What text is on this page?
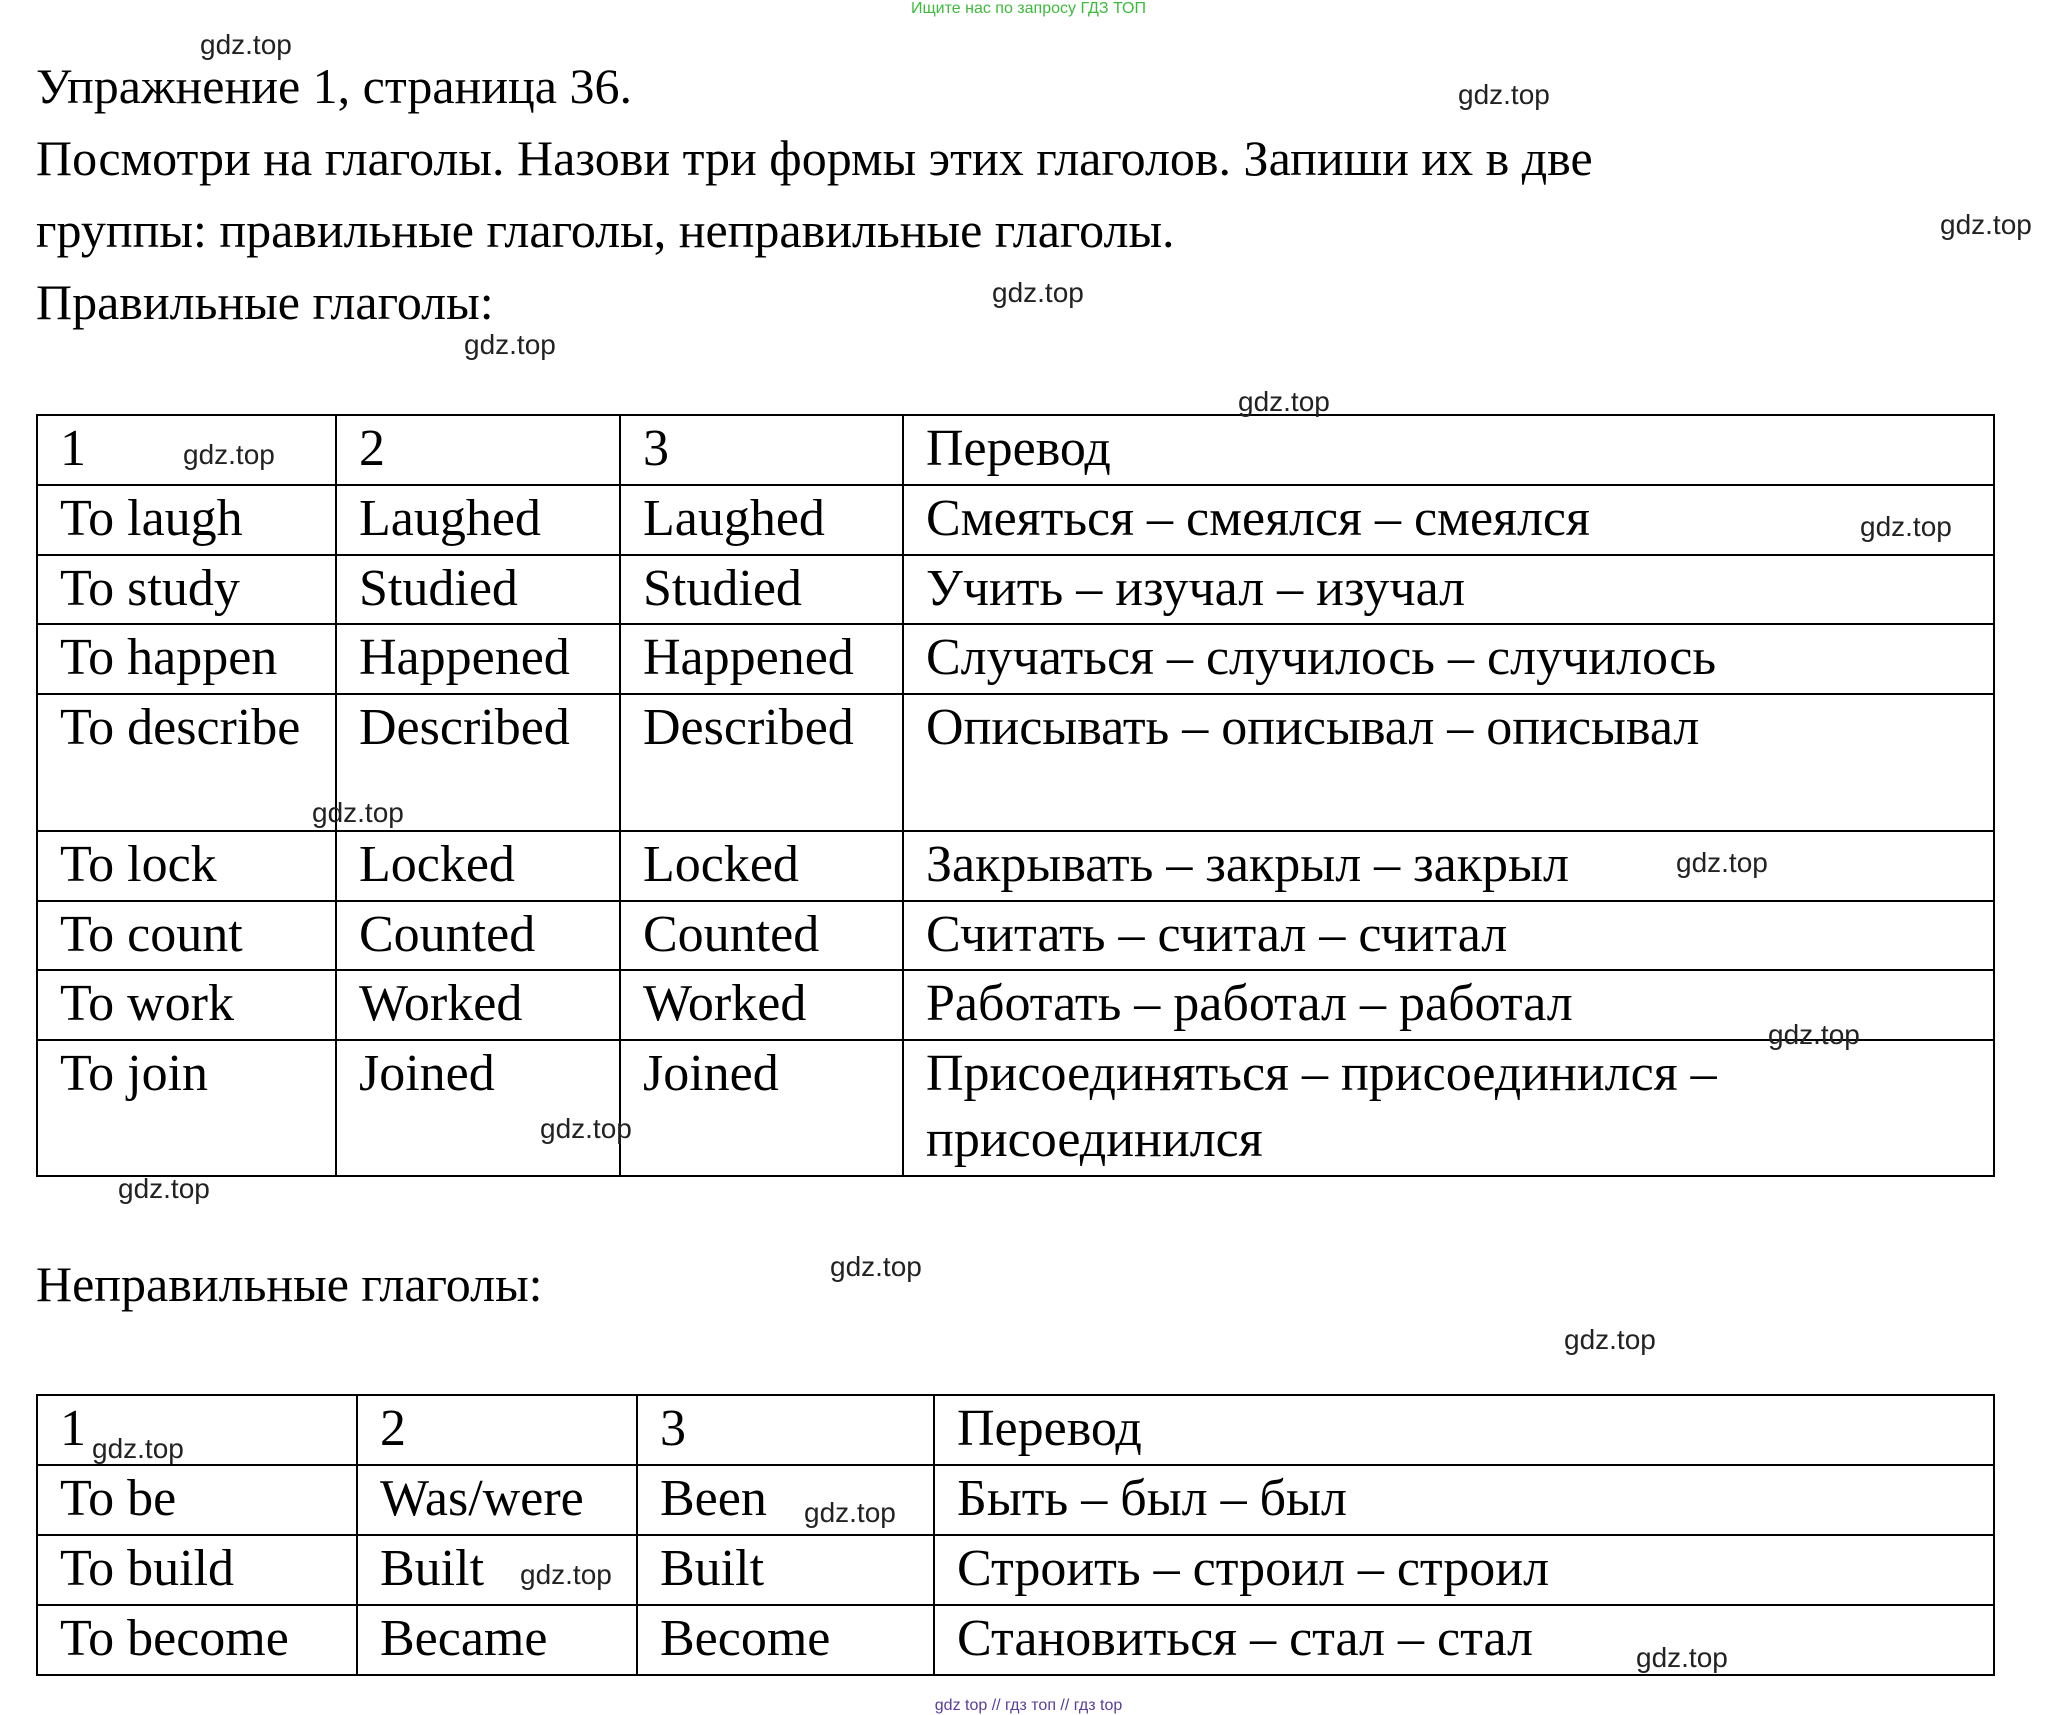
Ищите нас по запросу ГДЗ ТОП
Упражнение 1, страница 36.
Посмотри на глаголы. Назови три формы этих глаголов. Запиши их в две
группы: правильные глаголы, неправильные глаголы.
Правильные глаголы:
1	2	3	Перевод
To laugh	Laughed	Laughed	Смеяться – смеялся – смеялся
To study	Studied	Studied	Учить – изучал – изучал
To happen	Happened	Happened	Случаться – случилось – случилось
To describe	Described	Described	Описывать – описывал – описывал
To lock	Locked	Locked	Закрывать – закрыл – закрыл
To count	Counted	Counted	Считать – считал – считал
To work	Worked	Worked	Работать – работал – работал
To join	Joined	Joined	Присоединяться – присоединился – присоединился
Неправильные глаголы:
1	2	3	Перевод
To be	Was/were	Been	Быть – был – был
To build	Built	Built	Строить – строил – строил
To become	Became	Become	Становиться – стал – стал
gdz.top
gdz.top
gdz.top
gdz.top
gdz.top
gdz.top
gdz.top
gdz.top
gdz.top
gdz.top
gdz.top
gdz.top
gdz.top
gdz.top
gdz.top
gdz.top
gdz.top
gdz.top
gdz.top
gdz top // гдз топ // гдз top
